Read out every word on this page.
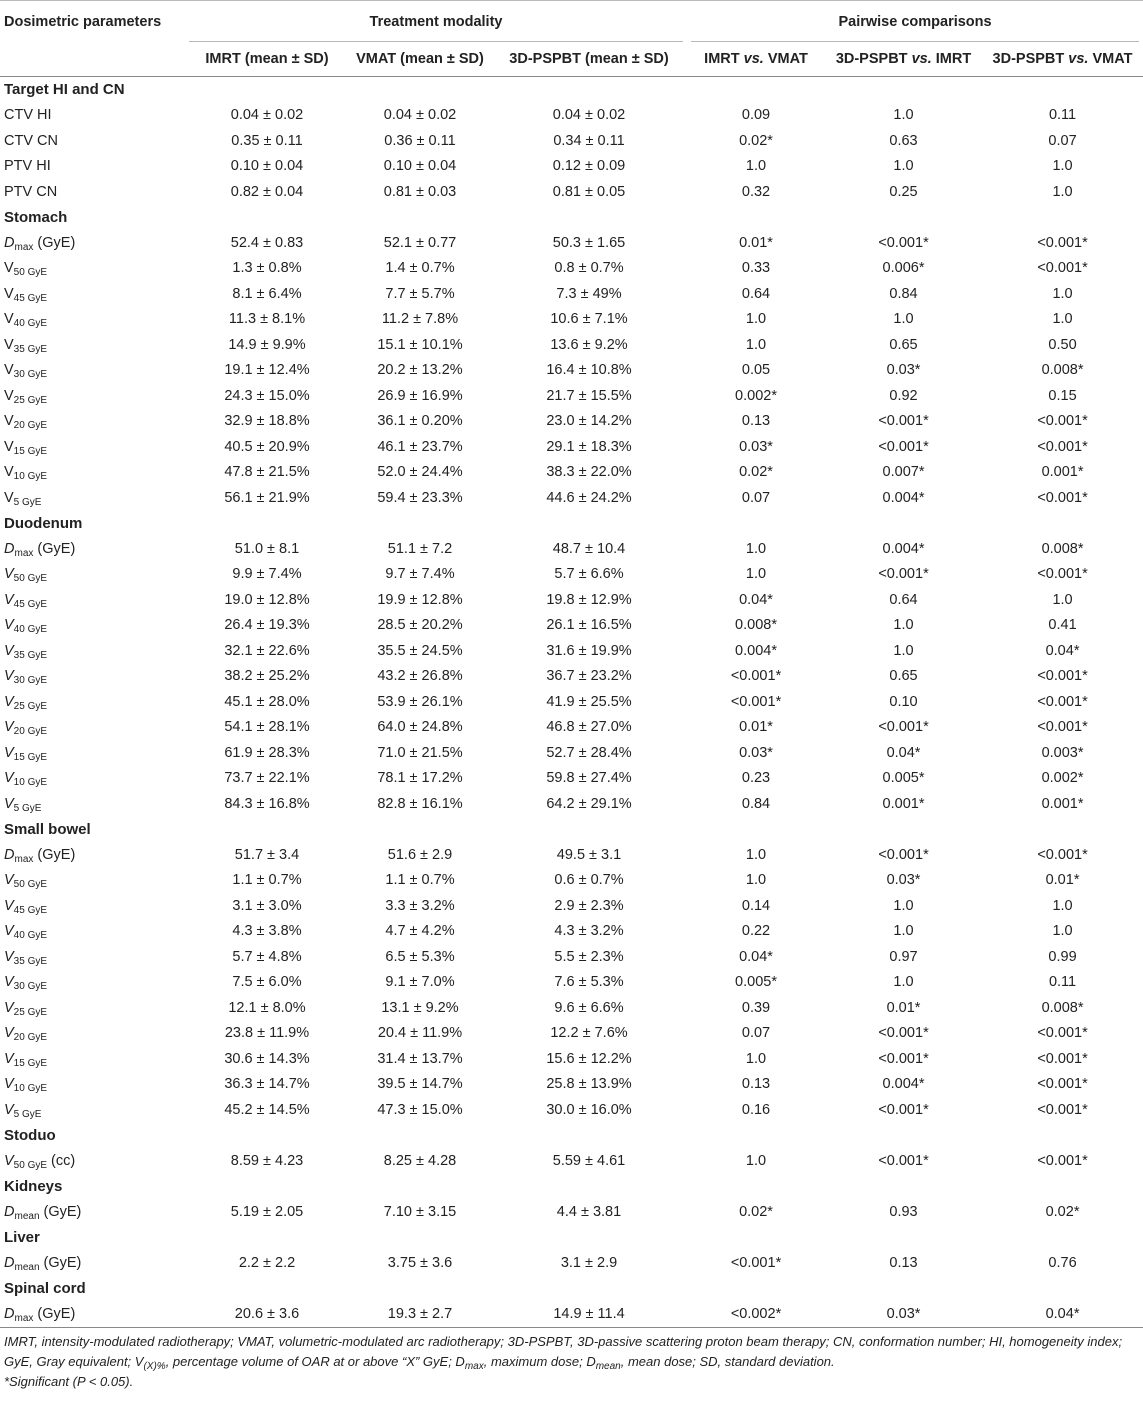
Dosimetric parameters	Treatment modality			Pairwise comparisons		
	IMRT (mean ± SD)	VMAT (mean ± SD)	3D-PSPBT (mean ± SD)	IMRT vs. VMAT	3D-PSPBT vs. IMRT	3D-PSPBT vs. VMAT
Target HI and CN						
CTV HI	0.04 ± 0.02	0.04 ± 0.02	0.04 ± 0.02	0.09	1.0	0.11
CTV CN	0.35 ± 0.11	0.36 ± 0.11	0.34 ± 0.11	0.02*	0.63	0.07
PTV HI	0.10 ± 0.04	0.10 ± 0.04	0.12 ± 0.09	1.0	1.0	1.0
PTV CN	0.82 ± 0.04	0.81 ± 0.03	0.81 ± 0.05	0.32	0.25	1.0
Stomach						
$D_{max}$ (GyE)	52.4 ± 0.83	52.1 ± 0.77	50.3 ± 1.65	0.01*	<0.001*	<0.001*
$V_{50 GyE}$	1.3 ± 0.8%	1.4 ± 0.7%	0.8 ± 0.7%	0.33	0.006*	<0.001*
$V_{45 GyE}$	8.1 ± 6.4%	7.7 ± 5.7%	7.3 ± 49%	0.64	0.84	1.0
$V_{40 GyE}$	11.3 ± 8.1%	11.2 ± 7.8%	10.6 ± 7.1%	1.0	1.0	1.0
$V_{35 GyE}$	14.9 ± 9.9%	15.1 ± 10.1%	13.6 ± 9.2%	1.0	0.65	0.50
$V_{30 GyE}$	19.1 ± 12.4%	20.2 ± 13.2%	16.4 ± 10.8%	0.05	0.03*	0.008*
$V_{25 GyE}$	24.3 ± 15.0%	26.9 ± 16.9%	21.7 ± 15.5%	0.002*	0.92	0.15
$V_{20 GyE}$	32.9 ± 18.8%	36.1 ± 0.20%	23.0 ± 14.2%	0.13	<0.001*	<0.001*
$V_{15 GyE}$	40.5 ± 20.9%	46.1 ± 23.7%	29.1 ± 18.3%	0.03*	<0.001*	<0.001*
$V_{10 GyE}$	47.8 ± 21.5%	52.0 ± 24.4%	38.3 ± 22.0%	0.02*	0.007*	0.001*
$V_{5 GyE}$	56.1 ± 21.9%	59.4 ± 23.3%	44.6 ± 24.2%	0.07	0.004*	<0.001*
Duodenum						
$D_{max}$ (GyE)	51.0 ± 8.1	51.1 ± 7.2	48.7 ± 10.4	1.0	0.004*	0.008*
$V_{50 GyE}$	9.9 ± 7.4%	9.7 ± 7.4%	5.7 ± 6.6%	1.0	<0.001*	<0.001*
$V_{45 GyE}$	19.0 ± 12.8%	19.9 ± 12.8%	19.8 ± 12.9%	0.04*	0.64	1.0
$V_{40 GyE}$	26.4 ± 19.3%	28.5 ± 20.2%	26.1 ± 16.5%	0.008*	1.0	0.41
$V_{35 GyE}$	32.1 ± 22.6%	35.5 ± 24.5%	31.6 ± 19.9%	0.004*	1.0	0.04*
$V_{30 GyE}$	38.2 ± 25.2%	43.2 ± 26.8%	36.7 ± 23.2%	<0.001*	0.65	<0.001*
$V_{25 GyE}$	45.1 ± 28.0%	53.9 ± 26.1%	41.9 ± 25.5%	<0.001*	0.10	<0.001*
$V_{20 GyE}$	54.1 ± 28.1%	64.0 ± 24.8%	46.8 ± 27.0%	0.01*	<0.001*	<0.001*
$V_{15 GyE}$	61.9 ± 28.3%	71.0 ± 21.5%	52.7 ± 28.4%	0.03*	0.04*	0.003*
$V_{10 GyE}$	73.7 ± 22.1%	78.1 ± 17.2%	59.8 ± 27.4%	0.23	0.005*	0.002*
$V_{5 GyE}$	84.3 ± 16.8%	82.8 ± 16.1%	64.2 ± 29.1%	0.84	0.001*	0.001*
Small bowel						
$D_{max}$ (GyE)	51.7 ± 3.4	51.6 ± 2.9	49.5 ± 3.1	1.0	<0.001*	<0.001*
$V_{50 GyE}$	1.1 ± 0.7%	1.1 ± 0.7%	0.6 ± 0.7%	1.0	0.03*	0.01*
$V_{45 GyE}$	3.1 ± 3.0%	3.3 ± 3.2%	2.9 ± 2.3%	0.14	1.0	1.0
$V_{40 GyE}$	4.3 ± 3.8%	4.7 ± 4.2%	4.3 ± 3.2%	0.22	1.0	1.0
$V_{35 GyE}$	5.7 ± 4.8%	6.5 ± 5.3%	5.5 ± 2.3%	0.04*	0.97	0.99
$V_{30 GyE}$	7.5 ± 6.0%	9.1 ± 7.0%	7.6 ± 5.3%	0.005*	1.0	0.11
$V_{25 GyE}$	12.1 ± 8.0%	13.1 ± 9.2%	9.6 ± 6.6%	0.39	0.01*	0.008*
$V_{20 GyE}$	23.8 ± 11.9%	20.4 ± 11.9%	12.2 ± 7.6%	0.07	<0.001*	<0.001*
$V_{15 GyE}$	30.6 ± 14.3%	31.4 ± 13.7%	15.6 ± 12.2%	1.0	<0.001*	<0.001*
$V_{10 GyE}$	36.3 ± 14.7%	39.5 ± 14.7%	25.8 ± 13.9%	0.13	0.004*	<0.001*
$V_{5 GyE}$	45.2 ± 14.5%	47.3 ± 15.0%	30.0 ± 16.0%	0.16	<0.001*	<0.001*
Stoduo						
$V_{50 GyE}$ (cc)	8.59 ± 4.23	8.25 ± 4.28	5.59 ± 4.61	1.0	<0.001*	<0.001*
Kidneys						
$D_{mean}$ (GyE)	5.19 ± 2.05	7.10 ± 3.15	4.4 ± 3.81	0.02*	0.93	0.02*
Liver						
$D_{mean}$ (GyE)	2.2 ± 2.2	3.75 ± 3.6	3.1 ± 2.9	<0.001*	0.13	0.76
Spinal cord						
$D_{max}$ (GyE)	20.6 ± 3.6	19.3 ± 2.7	14.9 ± 11.4	<0.002*	0.03*	0.04*
IMRT, intensity-modulated radiotherapy; VMAT, volumetric-modulated arc radiotherapy; 3D-PSPBT, 3D-passive scattering proton beam therapy; CN, conformation number; HI, homogeneity index; GyE, Gray equivalent; $V_{(X)\%}$, percentage volume of OAR at or above “X” GyE; $D_{max}$, maximum dose; $D_{mean}$, mean dose; SD, standard deviation.
*Significant (P < 0.05).
